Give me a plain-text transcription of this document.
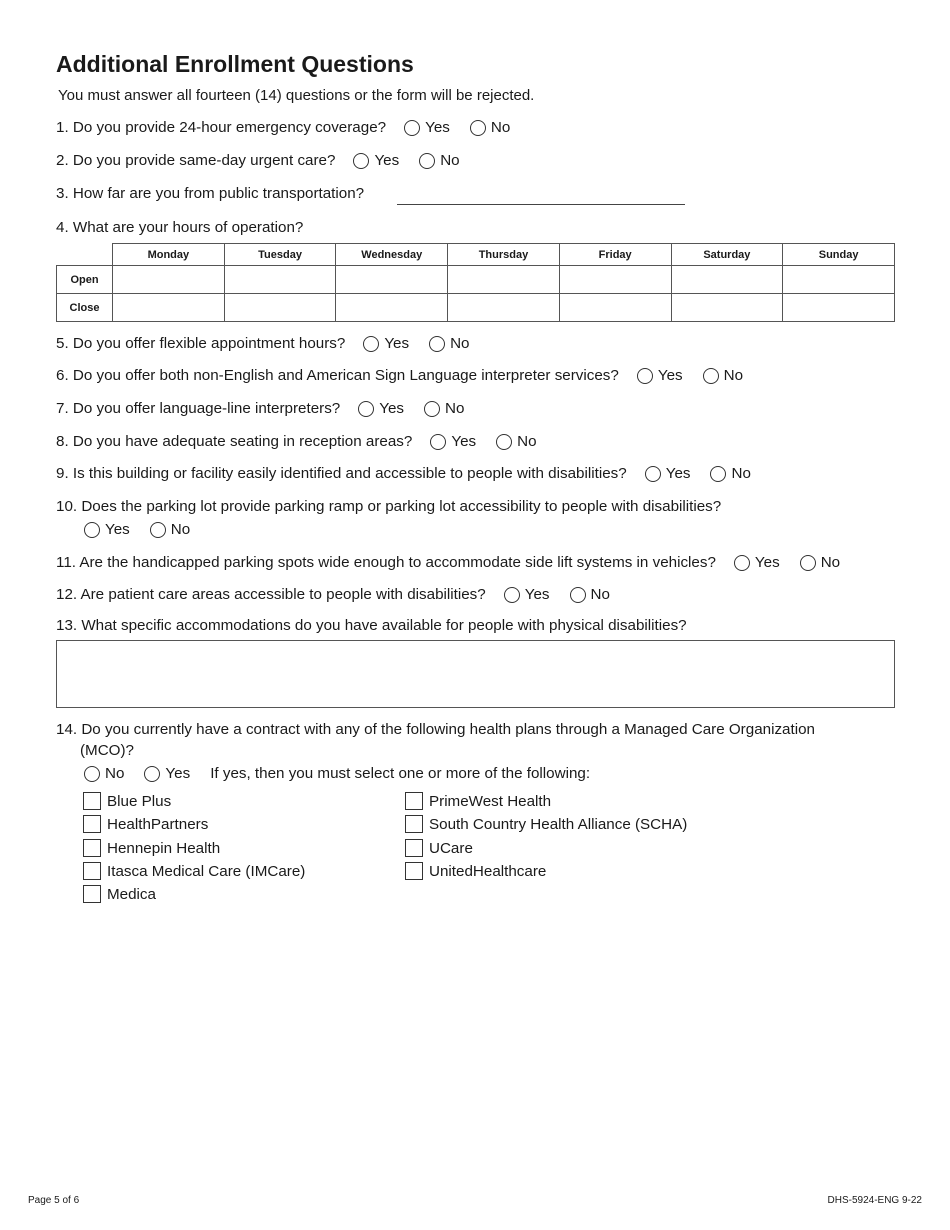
Additional Enrollment Questions
You must answer all fourteen (14) questions or the form will be rejected.
1. Do you provide 24-hour emergency coverage?	Yes	No
2. Do you provide same-day urgent care?	Yes	No
3. How far are you from public transportation?
4. What are your hours of operation?
	Monday	Tuesday	Wednesday	Thursday	Friday	Saturday	Sunday
Open							
Close							
5. Do you offer flexible appointment hours?	Yes	No
6. Do you offer both non-English and American Sign Language interpreter services?	Yes	No
7. Do you offer language-line interpreters?	Yes	No
8. Do you have adequate seating in reception areas?	Yes	No
9. Is this building or facility easily identified and accessible to people with disabilities?	Yes	No
10. Does the parking lot provide parking ramp or parking lot accessibility to people with disabilities?
Yes	No
11. Are the handicapped parking spots wide enough to accommodate side lift systems in vehicles?	Yes	No
12. Are patient care areas accessible to people with disabilities?	Yes	No
13. What specific accommodations do you have available for people with physical disabilities?
14. Do you currently have a contract with any of the following health plans through a Managed Care Organization
(MCO)?
No	Yes If yes, then you must select one or more of the following:
Blue Plus
HealthPartners
Hennepin Health
Itasca Medical Care (IMCare)
Medica
PrimeWest Health
South Country Health Alliance (SCHA)
UCare
UnitedHealthcare
Page 5 of 6	DHS-5924-ENG 9-22
